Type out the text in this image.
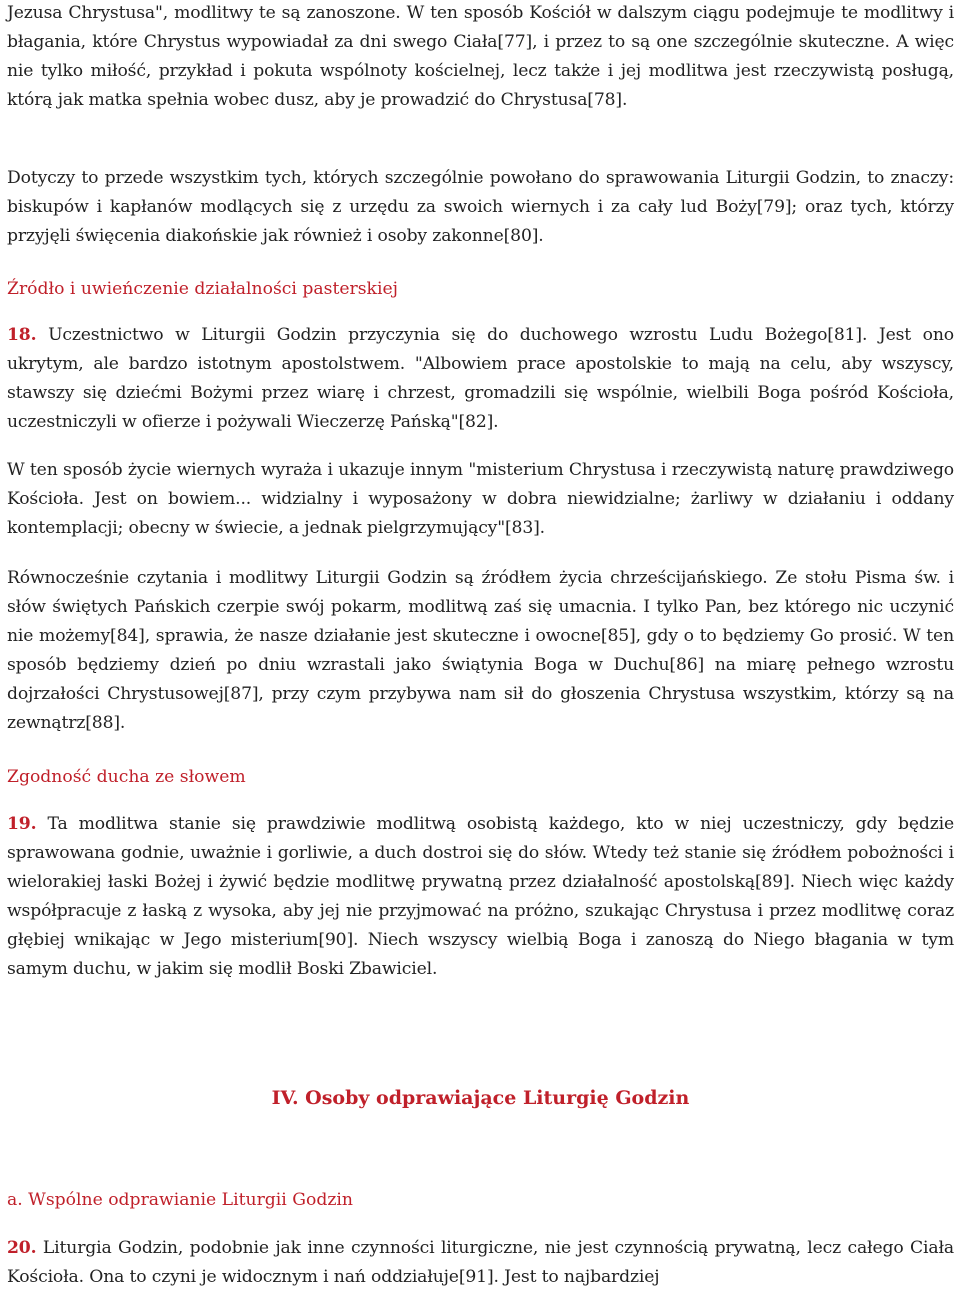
Jezusa Chrystusa", modlitwy te są zanoszone. W ten sposób Kościół w dalszym ciągu podejmuje te modlitwy i błagania, które Chrystus wypowiadał za dni swego Ciała[77], i przez to są one szczególnie skuteczne. A więc nie tylko miłość, przykład i pokuta wspólnoty kościelnej, lecz także i jej modlitwa jest rzeczywistą posługą, którą jak matka spełnia wobec dusz, aby je prowadzić do Chrystusa[78].

Dotyczy to przede wszystkim tych, których szczególnie powołano do sprawowania Liturgii Godzin, to znaczy: biskupów i kapłanów modlących się z urzędu za swoich wiernych i za cały lud Boży[79]; oraz tych, którzy przyjęli święcenia diakońskie jak również i osoby zakonne[80].

Źródło i uwieńczenie działalności pasterskiej

18. Uczestnictwo w Liturgii Godzin przyczynia się do duchowego wzrostu Ludu Bożego[81]. Jest ono ukrytym, ale bardzo istotnym apostolstwem. "Albowiem prace apostolskie to mają na celu, aby wszyscy, stawszy się dziećmi Bożymi przez wiarę i chrzest, gromadzili się wspólnie, wielbili Boga pośród Kościoła, uczestniczyli w ofierze i pożywali Wieczerzę Pańską"[82].

W ten sposób życie wiernych wyraża i ukazuje innym "misterium Chrystusa i rzeczywistą naturę prawdziwego Kościoła. Jest on bowiem... widzialny i wyposażony w dobra niewidzialne; żarliwy w działaniu i oddany kontemplacji; obecny w świecie, a jednak pielgrzymujący"[83].

Równocześnie czytania i modlitwy Liturgii Godzin są źródłem życia chrześcijańskiego. Ze stołu Pisma św. i słów świętych Pańskich czerpie swój pokarm, modlitwą zaś się umacnia. I tylko Pan, bez którego nic uczynić nie możemy[84], sprawia, że nasze działanie jest skuteczne i owocne[85], gdy o to będziemy Go prosić. W ten sposób będziemy dzień po dniu wzrastali jako świątynia Boga w Duchu[86] na miarę pełnego wzrostu dojrzałości Chrystusowej[87], przy czym przybywa nam sił do głoszenia Chrystusa wszystkim, którzy są na zewnątrz[88].

Zgodność ducha ze słowem

19. Ta modlitwa stanie się prawdziwie modlitwą osobistą każdego, kto w niej uczestniczy, gdy będzie sprawowana godnie, uważnie i gorliwie, a duch dostroi się do słów. Wtedy też stanie się źródłem pobożności i wielorakiej łaski Bożej i żywić będzie modlitwę prywatną przez działalność apostolską[89]. Niech więc każdy współpracuje z łaską z wysoka, aby jej nie przyjmować na próżno, szukając Chrystusa i przez modlitwę coraz głębiej wnikając w Jego misterium[90]. Niech wszyscy wielbią Boga i zanoszą do Niego błagania w tym samym duchu, w jakim się modlił Boski Zbawiciel.

IV. Osoby odprawiające Liturgię Godzin

a. Wspólne odprawianie Liturgii Godzin

20. Liturgia Godzin, podobnie jak inne czynności liturgiczne, nie jest czynnością prywatną, lecz całego Ciała Kościoła. Ona to czyni je widocznym i nań oddziałuje[91]. Jest to najbardziej
